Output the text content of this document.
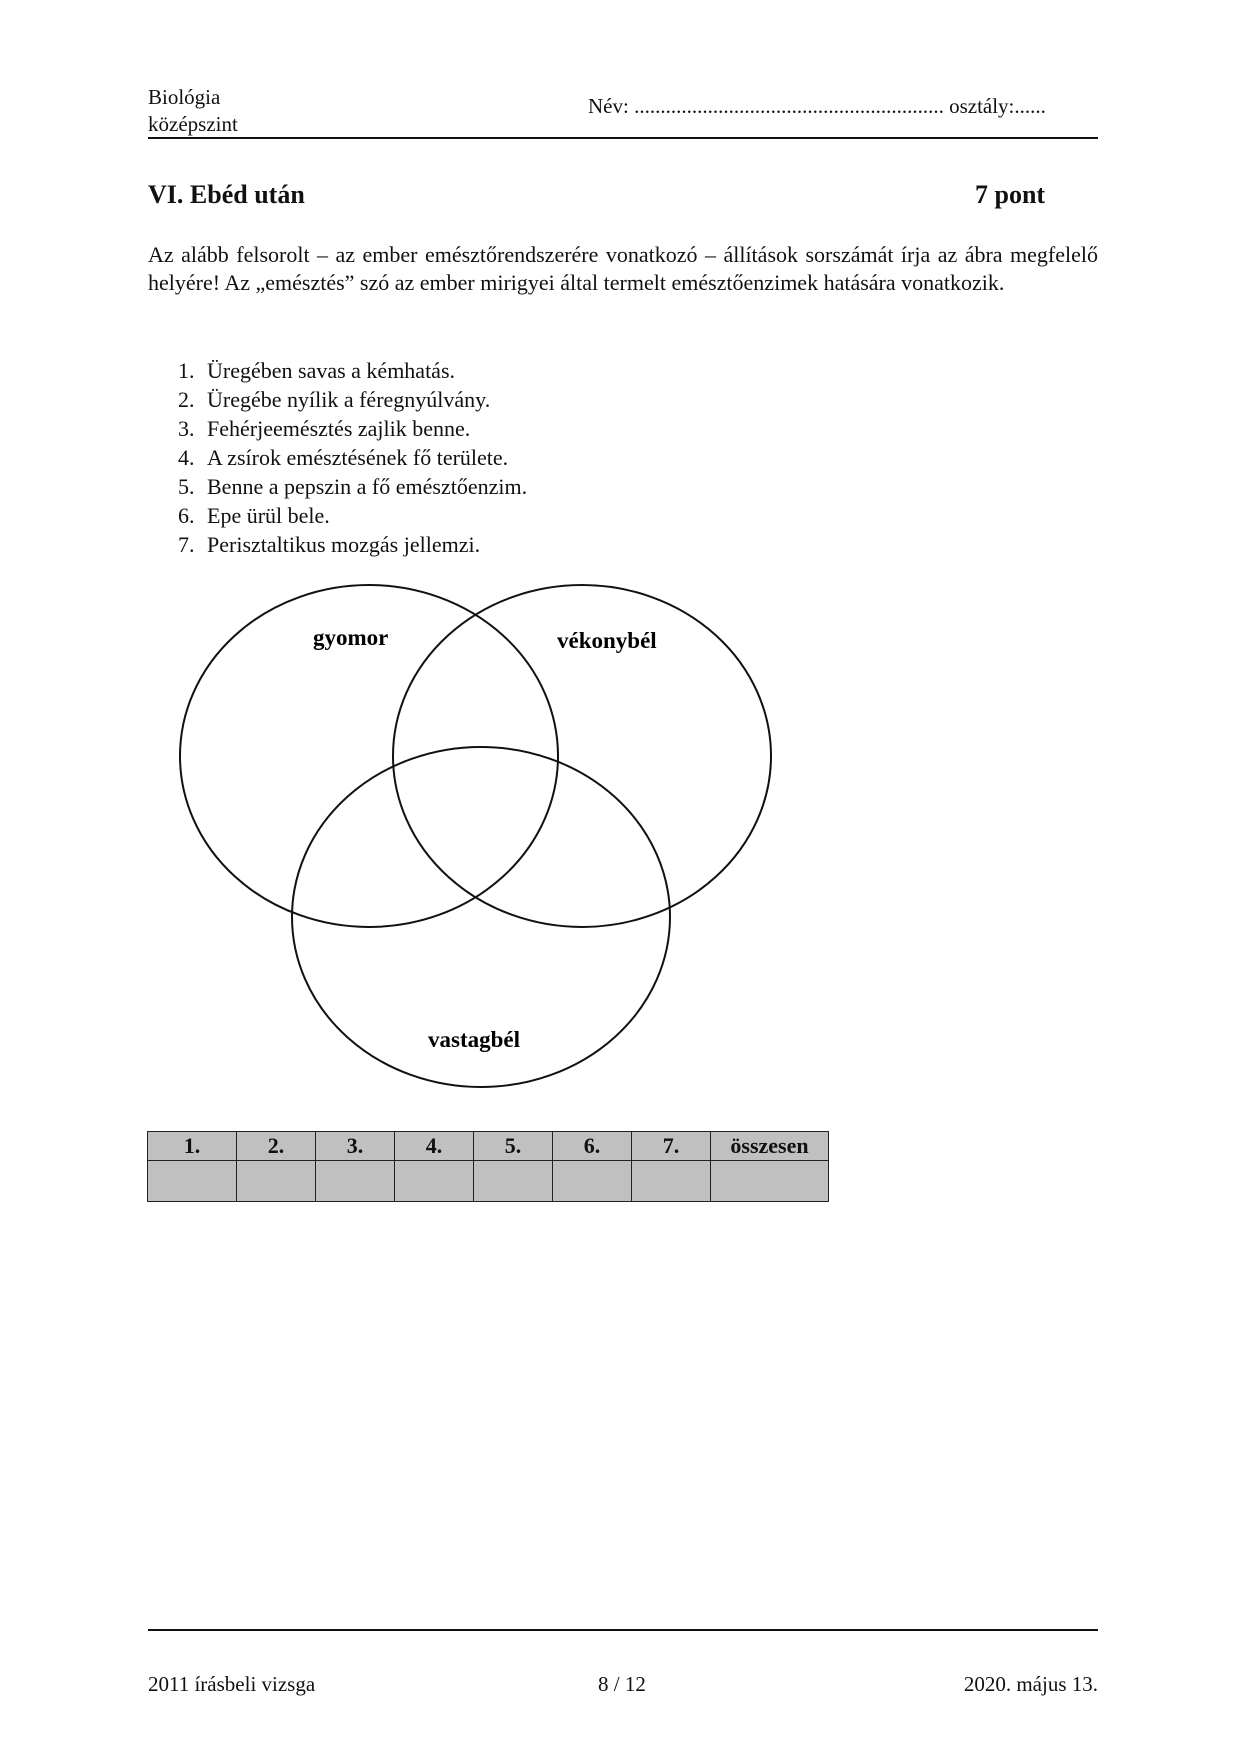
Biológia
középszint
Név: ........................................................... osztály:......
VI. Ebéd után	7 pont
Az alább felsorolt – az ember emésztőrendszerére vonatkozó – állítások sorszámát írja az ábra megfelelő helyére! Az „emésztés” szó az ember mirigyei által termelt emésztőenzimek hatására vonatkozik.
1. Üregében savas a kémhatás.
2. Üregébe nyílik a féregnyúlvány.
3. Fehérjeemésztés zajlik benne.
4. A zsírok emésztésének fő területe.
5. Benne a pepszin a fő emésztőenzim.
6. Epe ürül bele.
7. Perisztaltikus mozgás jellemzi.
gyomor	vékonybél
vastagbél
1.	2.	3.	4.	5.	6.	7.	összesen

2011 írásbeli vizsga	8 / 12	2020. május 13.
